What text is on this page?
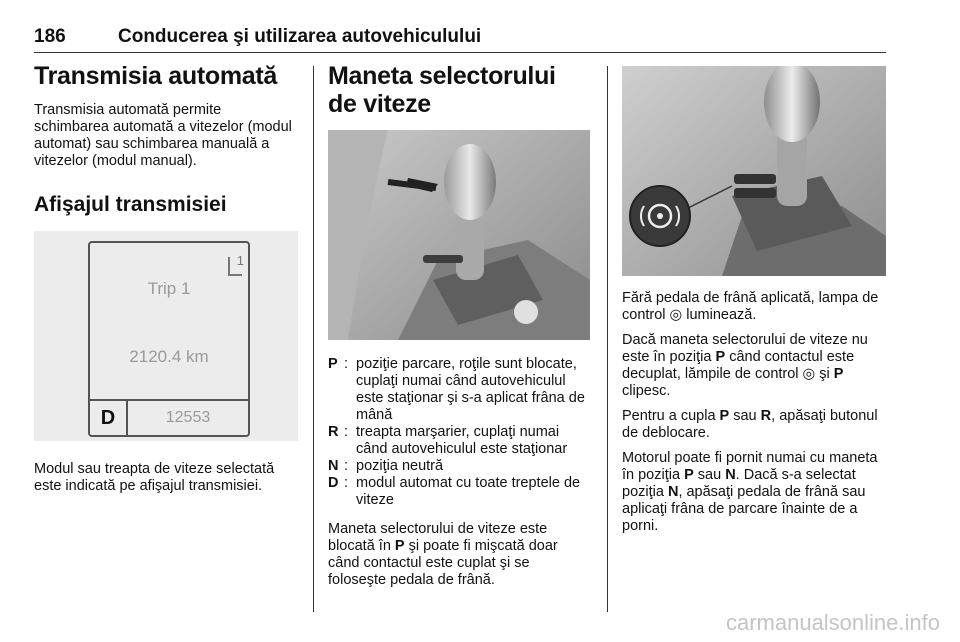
186	Conducerea şi utilizarea autovehiculului
Transmisia automată

Transmisia automată permite schimbarea automată a vitezelor (modul automat) sau schimbarea manuală a vitezelor (modul manual).

Afişajul transmisiei
1
Trip 1
2120.4 km
D	12553

Modul sau treapta de viteze selectată este indicată pe afişajul transmisiei.

Maneta selectorului de viteze
P : poziţie parcare, roţile sunt blocate, cuplaţi numai când autovehiculul este staţionar şi s-a aplicat frâna de mână
R : treapta marşarier, cuplaţi numai când autovehiculul este staţionar
N : poziţia neutră
D : modul automat cu toate treptele de viteze

Maneta selectorului de viteze este blocată în P şi poate fi mişcată doar când contactul este cuplat şi se foloseşte pedala de frână.

Fără pedala de frână aplicată, lampa de control ◎ luminează.

Dacă maneta selectorului de viteze nu este în poziţia P când contactul este decuplat, lămpile de control ◎ şi P clipesc.

Pentru a cupla P sau R, apăsaţi butonul de deblocare.

Motorul poate fi pornit numai cu maneta în poziţia P sau N. Dacă s-a selectat poziţia N, apăsaţi pedala de frână sau aplicaţi frâna de parcare înainte de a porni.

carmanualsonline.info
